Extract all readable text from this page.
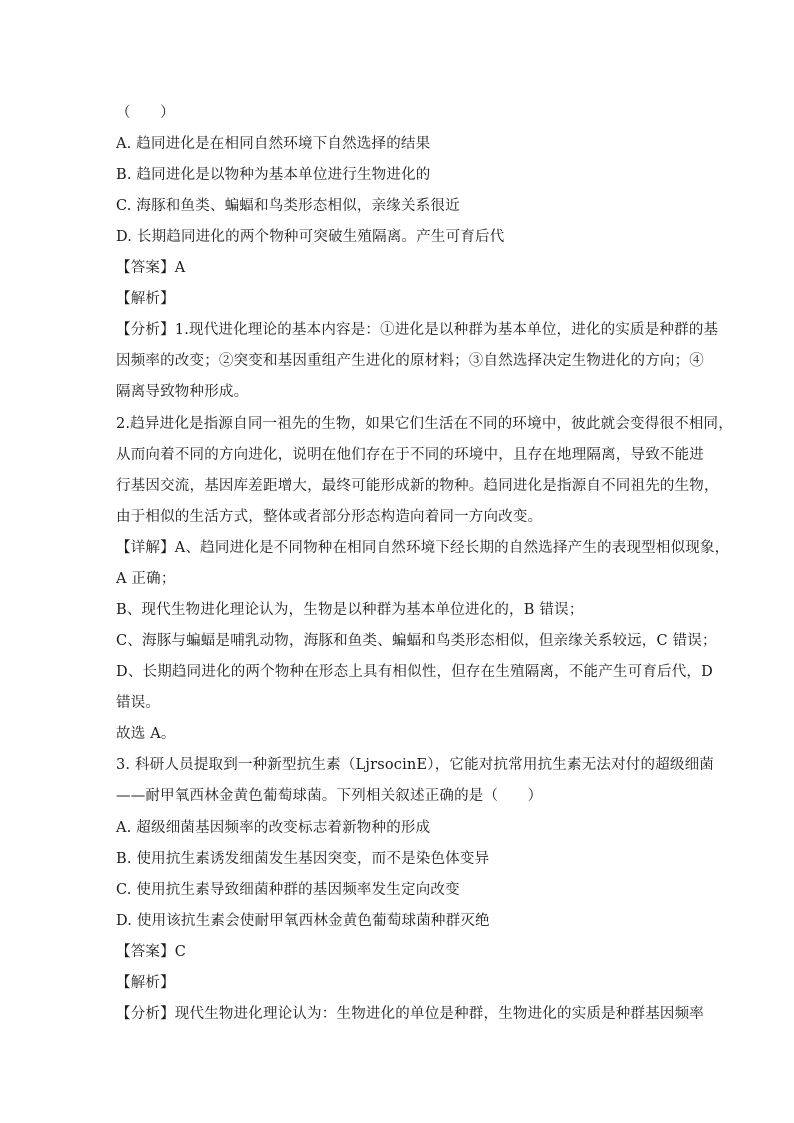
（　　）
A. 趋同进化是在相同自然环境下自然选择的结果
B. 趋同进化是以物种为基本单位进行生物进化的
C. 海豚和鱼类、蝙蝠和鸟类形态相似，亲缘关系很近
D. 长期趋同进化的两个物种可突破生殖隔离。产生可育后代
【答案】A
【解析】
【分析】1.现代进化理论的基本内容是：①进化是以种群为基本单位，进化的实质是种群的基
因频率的改变；②突变和基因重组产生进化的原材料；③自然选择决定生物进化的方向；④
隔离导致物种形成。
2.趋异进化是指源自同一祖先的生物，如果它们生活在不同的环境中，彼此就会变得很不相同，
从而向着不同的方向进化，说明在他们存在于不同的环境中，且存在地理隔离，导致不能进
行基因交流，基因库差距增大，最终可能形成新的物种。趋同进化是指源自不同祖先的生物，
由于相似的生活方式，整体或者部分形态构造向着同一方向改变。
【详解】A、趋同进化是不同物种在相同自然环境下经长期的自然选择产生的表现型相似现象，
A 正确；
B、现代生物进化理论认为，生物是以种群为基本单位进化的，B 错误；
C、海豚与蝙蝠是哺乳动物，海豚和鱼类、蝙蝠和鸟类形态相似，但亲缘关系较远，C 错误；
D、长期趋同进化的两个物种在形态上具有相似性，但存在生殖隔离，不能产生可育后代，D
错误。
故选 A。
3. 科研人员提取到一种新型抗生素（LjrsocinE），它能对抗常用抗生素无法对付的超级细菌
——耐甲氧西林金黄色葡萄球菌。下列相关叙述正确的是（　　）
A. 超级细菌基因频率的改变标志着新物种的形成
B. 使用抗生素诱发细菌发生基因突变，而不是染色体变异
C. 使用抗生素导致细菌种群的基因频率发生定向改变
D. 使用该抗生素会使耐甲氧西林金黄色葡萄球菌种群灭绝
【答案】C
【解析】
【分析】现代生物进化理论认为：生物进化的单位是种群，生物进化的实质是种群基因频率
